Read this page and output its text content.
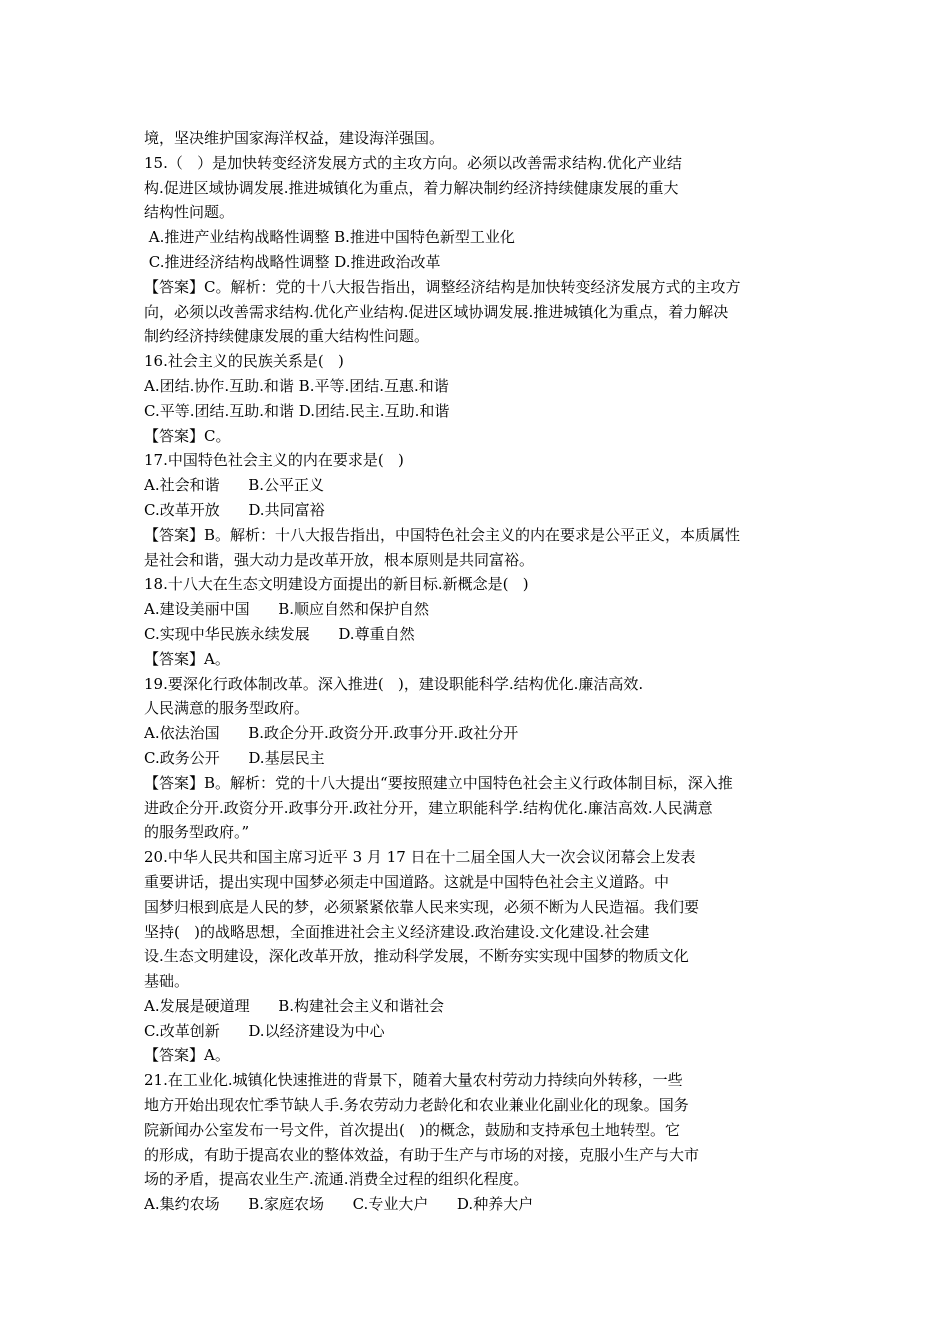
境，坚决维护国家海洋权益，建设海洋强国。
15.（   ）是加快转变经济发展方式的主攻方向。必须以改善需求结构.优化产业结
构.促进区域协调发展.推进城镇化为重点，着力解决制约经济持续健康发展的重大
结构性问题。
A.推进产业结构战略性调整 B.推进中国特色新型工业化
C.推进经济结构战略性调整 D.推进政治改革
【答案】C。解析：党的十八大报告指出，调整经济结构是加快转变经济发展方式的主攻方
向，必须以改善需求结构.优化产业结构.促进区域协调发展.推进城镇化为重点，着力解决
制约经济持续健康发展的重大结构性问题。
16.社会主义的民族关系是(   )
A.团结.协作.互助.和谐 B.平等.团结.互惠.和谐
C.平等.团结.互助.和谐 D.团结.民主.互助.和谐
【答案】C。
17.中国特色社会主义的内在要求是(   )
A.社会和谐      B.公平正义
C.改革开放      D.共同富裕
【答案】B。解析：十八大报告指出，中国特色社会主义的内在要求是公平正义，本质属性
是社会和谐，强大动力是改革开放，根本原则是共同富裕。
18.十八大在生态文明建设方面提出的新目标.新概念是(   )
A.建设美丽中国      B.顺应自然和保护自然
C.实现中华民族永续发展      D.尊重自然
【答案】A。
19.要深化行政体制改革。深入推进(   )，建设职能科学.结构优化.廉洁高效.
人民满意的服务型政府。
A.依法治国      B.政企分开.政资分开.政事分开.政社分开
C.政务公开      D.基层民主
【答案】B。解析：党的十八大提出“要按照建立中国特色社会主义行政体制目标，深入推
进政企分开.政资分开.政事分开.政社分开，建立职能科学.结构优化.廉洁高效.人民满意
的服务型政府。”
20.中华人民共和国主席习近平 3 月 17 日在十二届全国人大一次会议闭幕会上发表
重要讲话，提出实现中国梦必须走中国道路。这就是中国特色社会主义道路。中
国梦归根到底是人民的梦，必须紧紧依靠人民来实现，必须不断为人民造福。我们要
坚持(   )的战略思想，全面推进社会主义经济建设.政治建设.文化建设.社会建
设.生态文明建设，深化改革开放，推动科学发展，不断夯实实现中国梦的物质文化
基础。
A.发展是硬道理      B.构建社会主义和谐社会
C.改革创新      D.以经济建设为中心
【答案】A。
21.在工业化.城镇化快速推进的背景下，随着大量农村劳动力持续向外转移，一些
地方开始出现农忙季节缺人手.务农劳动力老龄化和农业兼业化副业化的现象。国务
院新闻办公室发布一号文件，首次提出(   )的概念，鼓励和支持承包土地转型。它
的形成，有助于提高农业的整体效益，有助于生产与市场的对接，克服小生产与大市
场的矛盾，提高农业生产.流通.消费全过程的组织化程度。
A.集约农场      B.家庭农场      C.专业大户      D.种养大户
